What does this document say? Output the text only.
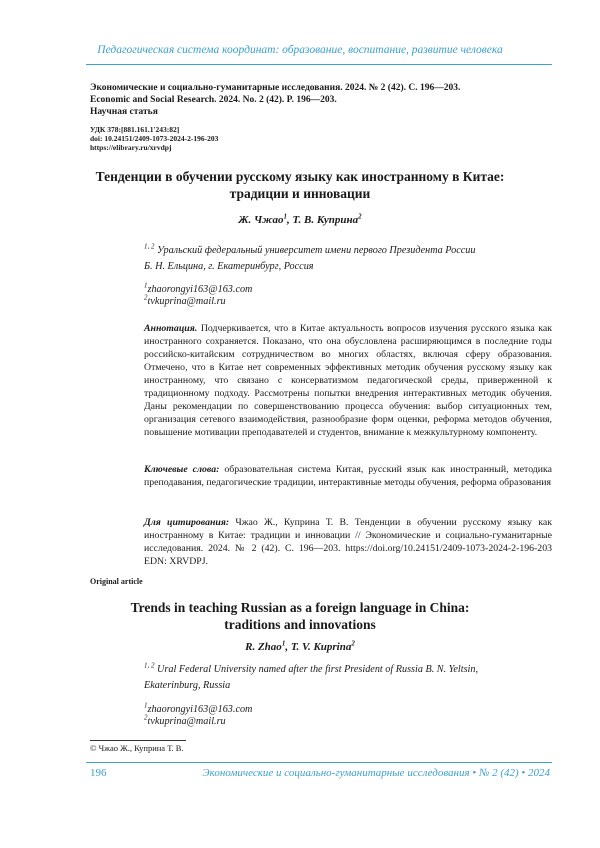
Педагогическая система координат: образование, воспитание, развитие человека
Экономические и социально-гуманитарные исследования. 2024. № 2 (42). С. 196—203.
Economic and Social Research. 2024. No. 2 (42). P. 196—203.
Научная статья
УДК 378:[881.161.1'243:82]
doi: 10.24151/2409-1073-2024-2-196-203
https://elibrary.ru/xrvdpj
Тенденции в обучении русскому языку как иностранному в Китае:
традиции и инновации
Ж. Чжао$^1$, Т. В. Куприна$^2$
$^{1, 2}$ Уральский федеральный университет имени первого Президента России
Б. Н. Ельцина, г. Екатеринбург, Россия
$^1$zhaorongyi163@163.com
$^2$tvkuprina@mail.ru
Аннотация. Подчеркивается, что в Китае актуальность вопросов изучения русского языка как иностранного сохраняется. Показано, что она обусловлена расширяющимся в последние годы российско-китайским сотрудничеством во многих областях, включая сферу образования. Отмечено, что в Китае нет современных эффективных методик обучения русскому языку как иностранному, что связано с консерватизмом педагогической среды, приверженной к традиционному подходу. Рассмотрены попытки внедрения интерактивных методик обучения. Даны рекомендации по совершенствованию процесса обучения: выбор ситуационных тем, организация сетевого взаимодействия, разнообразие форм оценки, реформа методов обучения, повышение мотивации преподавателей и студентов, внимание к межкультурному компоненту.
Ключевые слова: образовательная система Китая, русский язык как иностранный, методика преподавания, педагогические традиции, интерактивные методы обучения, реформа образования
Для цитирования: Чжао Ж., Куприна Т. В. Тенденции в обучении русскому языку как иностранному в Китае: традиции и инновации // Экономические и социально-гуманитарные исследования. 2024. № 2 (42). С. 196—203. https://doi.org/10.24151/2409-1073-2024-2-196-203 EDN: XRVDPJ.
Original article
Trends in teaching Russian as a foreign language in China:
traditions and innovations
R. Zhao$^1$, T. V. Kuprina$^2$
$^{1, 2}$ Ural Federal University named after the first President of Russia B. N. Yeltsin,
Ekaterinburg, Russia
$^1$zhaorongyi163@163.com
$^2$tvkuprina@mail.ru
© Чжао Ж., Куприна Т. В.
196	Экономические и социально-гуманитарные исследования • № 2 (42) • 2024
